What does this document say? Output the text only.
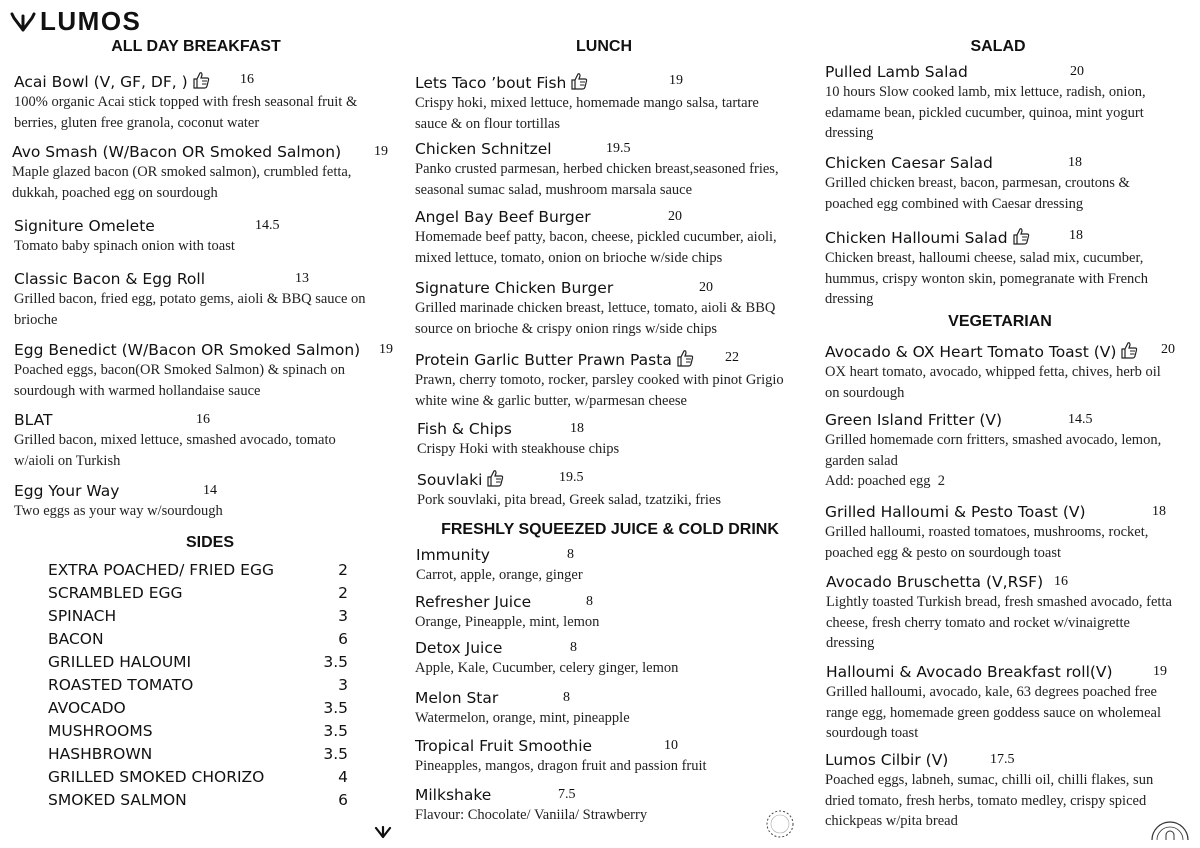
LUMOS
ALL DAY BREAKFAST
Acai Bowl (V, GF, DF, )	16
100% organic Acai stick topped with fresh seasonal fruit & berries, gluten free granola, coconut water
Avo Smash (W/Bacon OR Smoked Salmon)	19
Maple glazed bacon (OR smoked salmon), crumbled fetta, dukkah, poached egg on sourdough
Signiture Omelete	14.5
Tomato baby spinach onion with toast
Classic Bacon & Egg Roll	13
Grilled bacon, fried egg, potato gems, aioli & BBQ sauce on brioche
Egg Benedict (W/Bacon OR Smoked Salmon)	19
Poached eggs, bacon(OR Smoked Salmon) & spinach on sourdough with warmed hollandaise sauce
BLAT	16
Grilled bacon, mixed lettuce, smashed avocado, tomato w/aioli on Turkish
Egg Your Way	14
Two eggs as your way w/sourdough
SIDES
EXTRA POACHED/ FRIED EGG	2
SCRAMBLED EGG	2
SPINACH	3
BACON	6
GRILLED HALOUMI	3.5
ROASTED TOMATO	3
AVOCADO	3.5
MUSHROOMS	3.5
HASHBROWN	3.5
GRILLED SMOKED CHORIZO	4
SMOKED SALMON	6
LUNCH
Lets Taco ’bout Fish	19
Crispy hoki, mixed lettuce, homemade mango salsa, tartare sauce & on flour tortillas
Chicken Schnitzel	19.5
Panko crusted parmesan, herbed chicken breast,seasoned fries, seasonal sumac salad, mushroom marsala sauce
Angel Bay Beef Burger	20
Homemade beef patty, bacon, cheese, pickled cucumber, aioli, mixed lettuce, tomato, onion on brioche w/side chips
Signature Chicken Burger	20
Grilled marinade chicken breast, lettuce, tomato, aioli & BBQ source on brioche & crispy onion rings w/side chips
Protein Garlic Butter Prawn Pasta	22
Prawn, cherry tomoto, rocker, parsley cooked with pinot Grigio white wine & garlic butter, w/parmesan cheese
Fish & Chips	18
Crispy Hoki with steakhouse chips
Souvlaki	19.5
Pork souvlaki, pita bread, Greek salad, tzatziki, fries
FRESHLY SQUEEZED JUICE & COLD DRINK
Immunity	8
Carrot, apple, orange, ginger
Refresher Juice	8
Orange, Pineapple, mint, lemon
Detox Juice	8
Apple, Kale, Cucumber, celery ginger, lemon
Melon Star	8
Watermelon, orange, mint, pineapple
Tropical Fruit Smoothie	10
Pineapples, mangos, dragon fruit and passion fruit
Milkshake	7.5
Flavour: Chocolate/ Vaniila/ Strawberry
SALAD
Pulled Lamb Salad	20
10 hours Slow cooked lamb, mix lettuce, radish, onion, edamame bean, pickled cucumber, quinoa, mint yogurt dressing
Chicken Caesar Salad	18
Grilled chicken breast, bacon, parmesan, croutons & poached egg combined with Caesar dressing
Chicken Halloumi Salad	18
Chicken breast, halloumi cheese, salad mix, cucumber, hummus, crispy wonton skin, pomegranate with French dressing
VEGETARIAN
Avocado & OX Heart Tomato Toast (V)	20
OX heart tomato, avocado, whipped fetta, chives, herb oil on sourdough
Green Island Fritter (V)	14.5
Grilled homemade corn fritters, smashed avocado, lemon, garden salad
Add: poached egg  2
Grilled Halloumi & Pesto Toast (V)	18
Grilled halloumi, roasted tomatoes, mushrooms, rocket, poached egg & pesto on sourdough toast
Avocado Bruschetta (V,RSF) 16
Lightly toasted Turkish bread, fresh smashed avocado, fetta cheese, fresh cherry tomato and rocket w/vinaigrette dressing
Halloumi & Avocado Breakfast roll(V)	19
Grilled halloumi, avocado, kale, 63 degrees poached free range egg, homemade green goddess sauce on wholemeal sourdough toast
Lumos Cilbir (V)	17.5
Poached eggs, labneh, sumac, chilli oil, chilli flakes, sun dried tomato, fresh herbs, tomato medley, crispy spiced chickpeas w/pita bread
